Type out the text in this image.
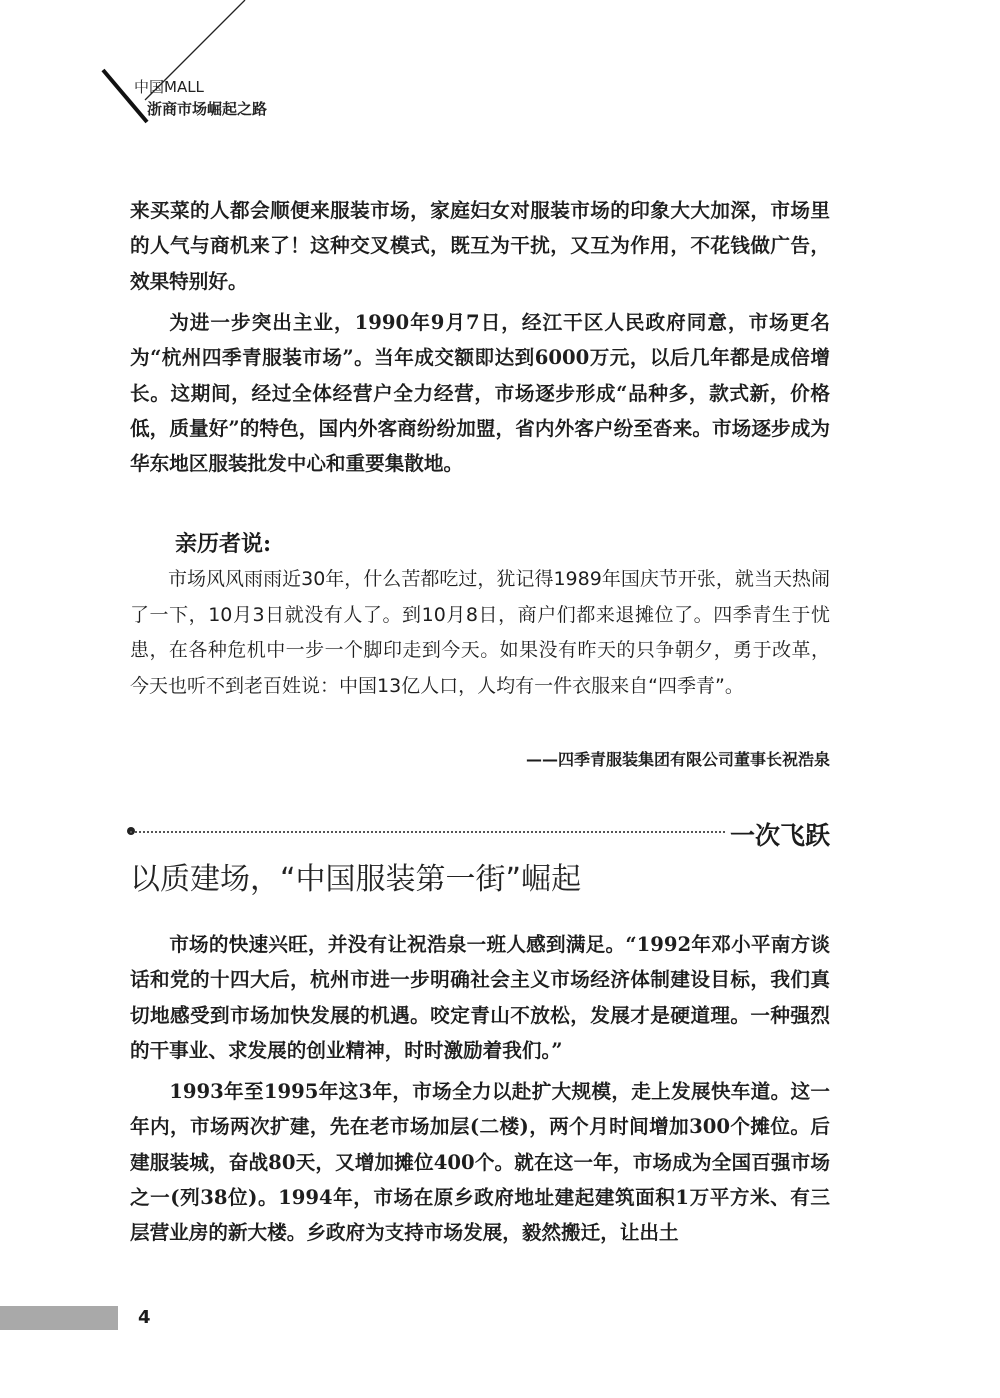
中国MALL
浙商市场崛起之路

来买菜的人都会顺便来服装市场，家庭妇女对服装市场的印象大大加深，市场里的人气与商机来了！这种交叉模式，既互为干扰，又互为作用，不花钱做广告，效果特别好。

为进一步突出主业，1990年9月7日，经江干区人民政府同意，市场更名为“杭州四季青服装市场”。当年成交额即达到6000万元，以后几年都是成倍增长。这期间，经过全体经营户全力经营，市场逐步形成“品种多，款式新，价格低，质量好”的特色，国内外客商纷纷加盟，省内外客户纷至沓来。市场逐步成为华东地区服装批发中心和重要集散地。

亲历者说:

市场风风雨雨近30年，什么苦都吃过，犹记得1989年国庆节开张，就当天热闹了一下，10月3日就没有人了。到10月8日，商户们都来退摊位了。四季青生于忧患，在各种危机中一步一个脚印走到今天。如果没有昨天的只争朝夕，勇于改革，今天也听不到老百姓说：中国13亿人口，人均有一件衣服来自“四季青”。

——四季青服装集团有限公司董事长祝浩泉

一次飞跃
以质建场，“中国服装第一街”崛起

市场的快速兴旺，并没有让祝浩泉一班人感到满足。“1992年邓小平南方谈话和党的十四大后，杭州市进一步明确社会主义市场经济体制建设目标，我们真切地感受到市场加快发展的机遇。咬定青山不放松，发展才是硬道理。一种强烈的干事业、求发展的创业精神，时时激励着我们。”

1993年至1995年这3年，市场全力以赴扩大规模，走上发展快车道。这一年内，市场两次扩建，先在老市场加层(二楼)，两个月时间增加300个摊位。后建服装城，奋战80天，又增加摊位400个。就在这一年，市场成为全国百强市场之一(列38位)。1994年，市场在原乡政府地址建起建筑面积1万平方米、有三层营业房的新大楼。乡政府为支持市场发展，毅然搬迁，让出土

4
